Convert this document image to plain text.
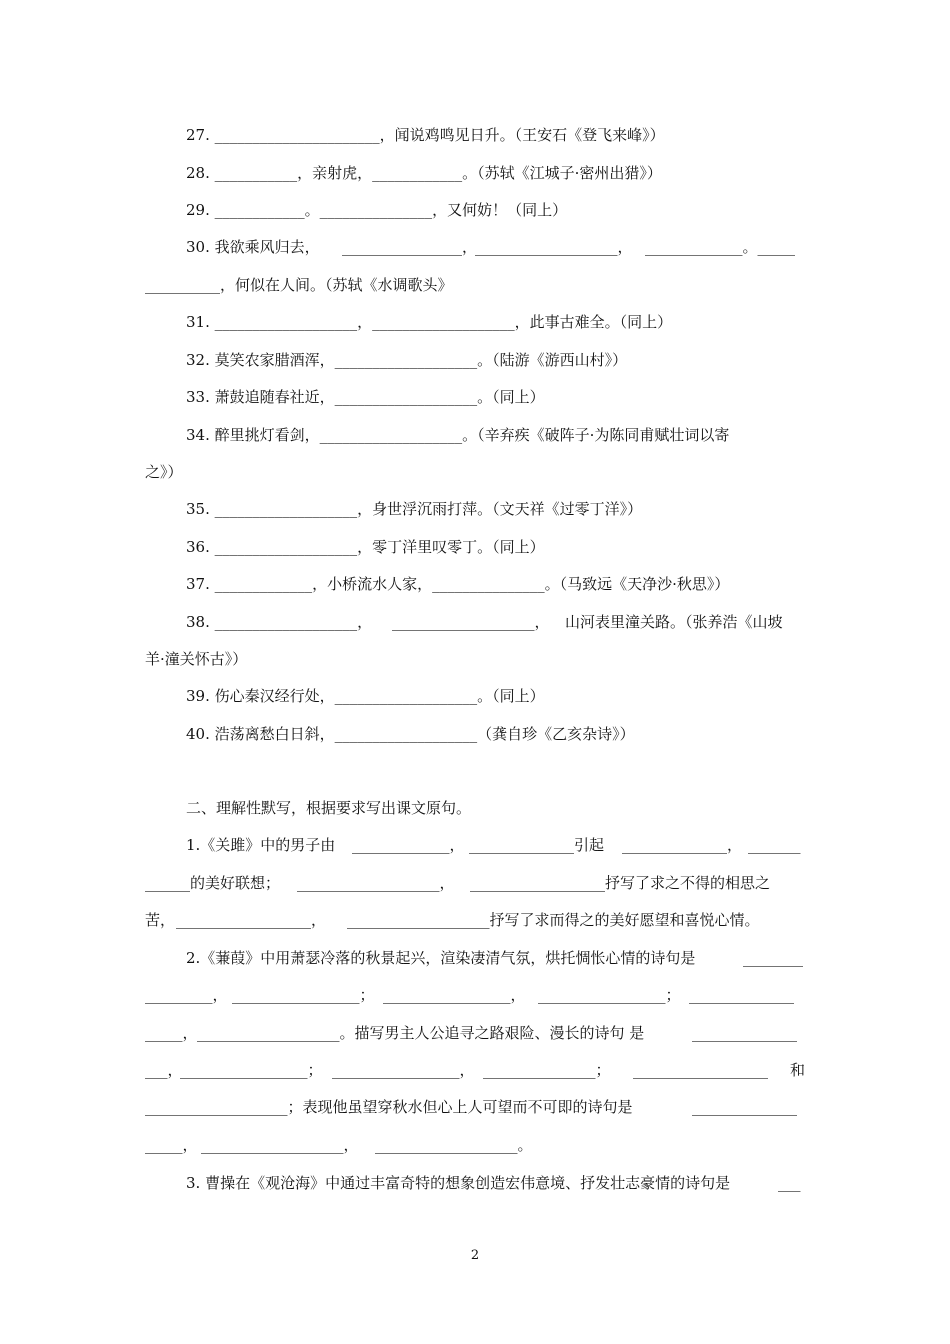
27. ______________________，闻说鸡鸣见日升。（王安石《登飞来峰》）
28. ___________，亲射虎，____________。（苏轼《江城子·密州出猎》）
29. ____________。_______________，又何妨！（同上）
30. 我欲乘风归去， ________________，
___________________， _____________。_____
__________，何似在人间。（苏轼《水调歌头》
31. ___________________，___________________，此事古难全。（同上）
32. 莫笑农家腊酒浑，___________________。（陆游《游西山村》）
33. 萧鼓追随春社近，___________________。（同上）
34. 醉里挑灯看剑，___________________。（辛弃疾《破阵子·为陈同甫赋壮词以寄
之》）
35. ___________________，身世浮沉雨打萍。（文天祥《过零丁洋》）
36. ___________________，零丁洋里叹零丁。（同上）
37. _____________，小桥流水人家，_______________。（马致远《天净沙·秋思》）
38. ___________________， ___________________， 山河表里潼关路。（张养浩《山坡
羊·潼关怀古》）
39. 伤心秦汉经行处，___________________。（同上）
40. 浩荡离愁白日斜，___________________（龚自珍《乙亥杂诗》）
二、理解性默写，根据要求写出课文原句。
1.《关雎》中的男子由 _____________， ______________引起 ______________， _______
______的美好联想； ___________________， __________________抒写了求之不得的相思之
苦， __________________， ___________________抒写了求而得之的美好愿望和喜悦心情。
2.《蒹葭》中用萧瑟冷落的秋景起兴，渲染凄清气氛，烘托惆怅心情的诗句是	________
_________， _________________； _________________， _________________； ______________
_____， ___________________。描写男主人公追寻之路艰险、漫长的诗句 是	______________
___，
_________________； _________________， _______________； __________________ 和
___________________；表现他虽望穿秋水但心上人可望而不可即的诗句是	______________
_____， ___________________， ___________________。
3. 曹操在《观沧海》中通过丰富奇特的想象创造宏伟意境、抒发壮志豪情的诗句是	___
2
